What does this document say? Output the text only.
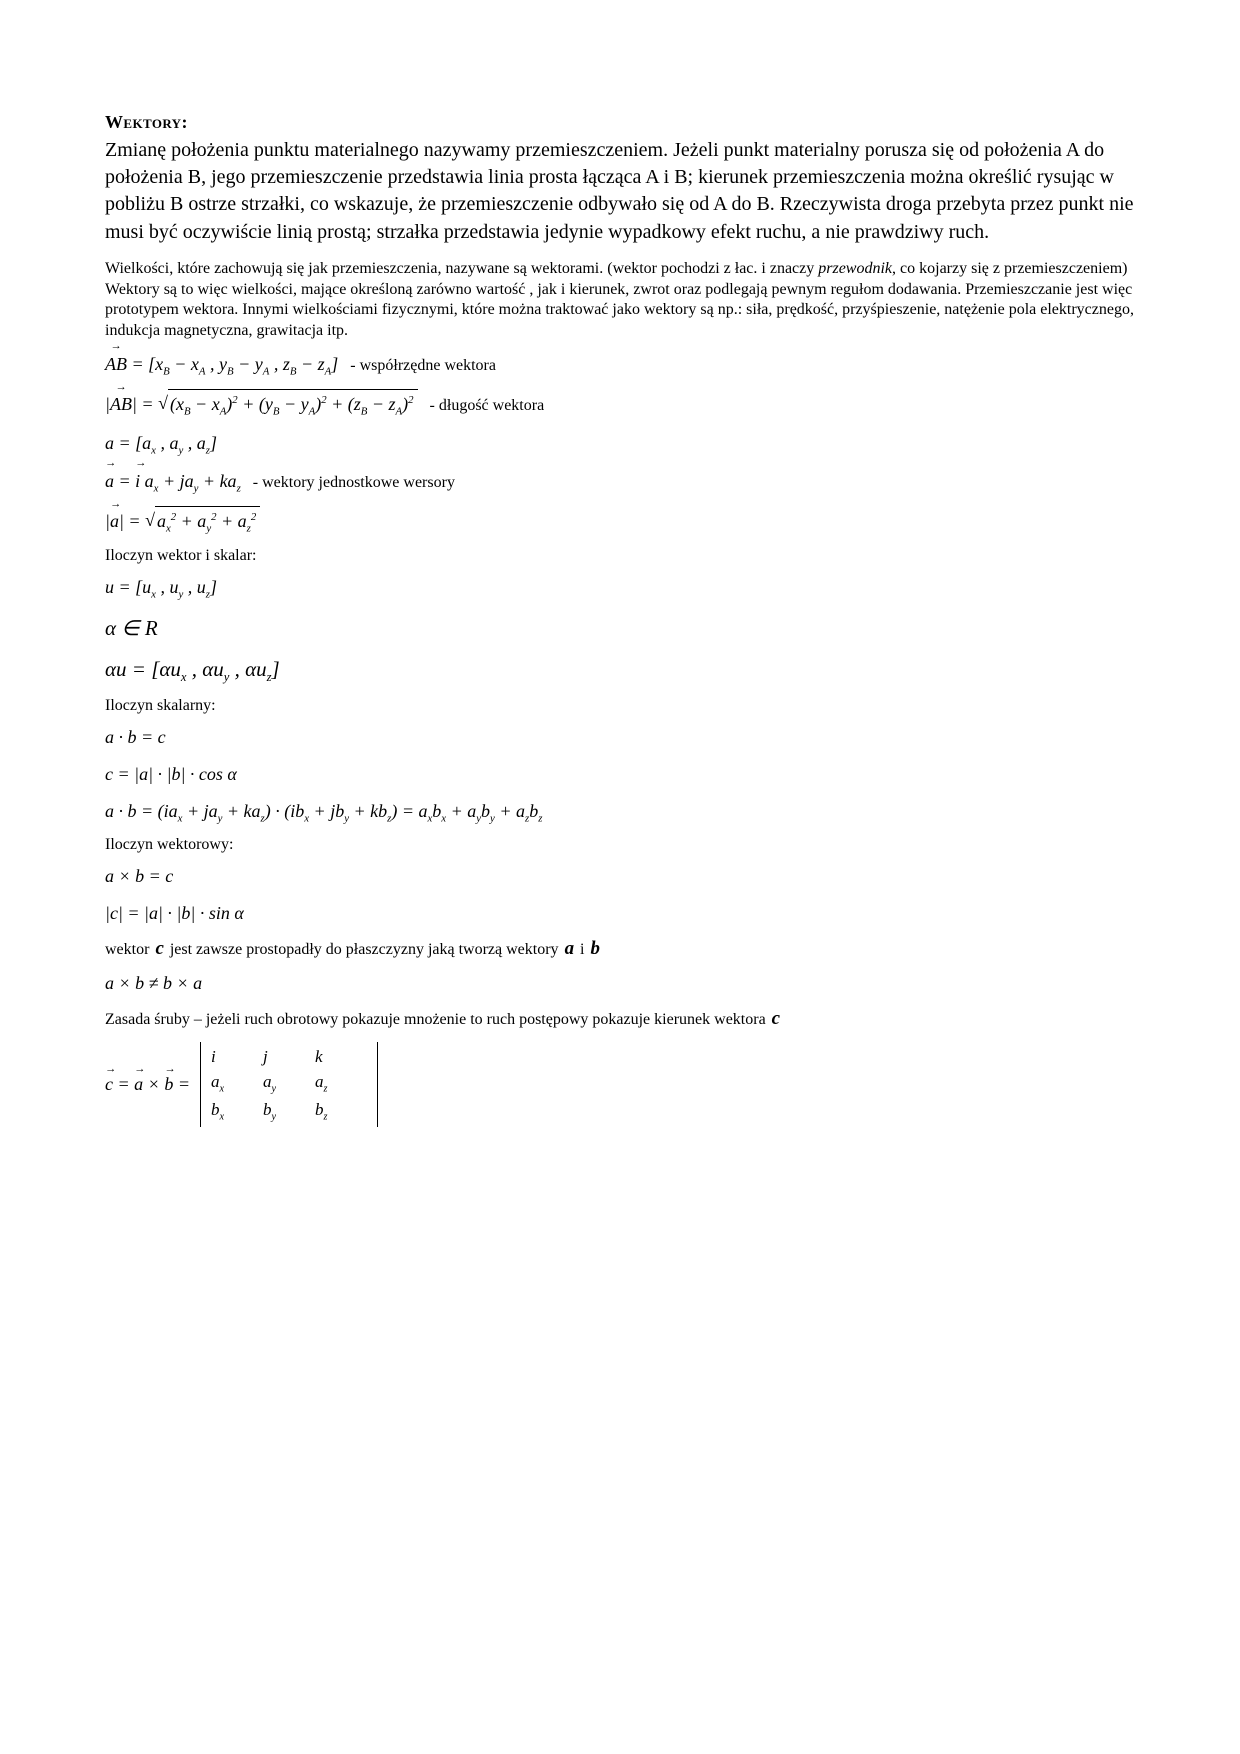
Wektory:

Zmianę położenia punktu materialnego nazywamy przemieszczeniem. Jeżeli punkt materialny porusza się od położenia A do położenia B, jego przemieszczenie przedstawia linia prosta łącząca A i B; kierunek przemieszczenia można określić rysując w pobliżu B ostrze strzałki, co wskazuje, że przemieszczenie odbywało się od A do B. Rzeczywista droga przebyta przez punkt nie musi być oczywiście linią prostą; strzałka przedstawia jedynie wypadkowy efekt ruchu, a nie prawdziwy ruch.

Wielkości, które zachowują się jak przemieszczenia, nazywane są wektorami. (wektor pochodzi z łac. i znaczy przewodnik, co kojarzy się z przemieszczeniem) Wektory są to więc wielkości, mające określoną zarówno wartość , jak i kierunek, zwrot oraz podlegają pewnym regułom dodawania. Przemieszczanie jest więc prototypem wektora. Innymi wielkościami fizycznymi, które można traktować jako wektory są np.: siła, prędkość, przyśpieszenie, natężenie pola elektrycznego, indukcja magnetyczna, grawitacja itp.

→
AB = [$x_B - x_A$ , $y_B - y_A$ , $z_B - z_A$] - współrzędne wektora
|
→
AB| = √ $(x_B - x_A)^2 + (y_B - y_A)^2 + (z_B - z_A)^2$ - długość wektora
$a = [a_x$ , $a_y$ , $a_z$]
→
a =
→
i $a_x + ja_y + ka_z$ - wektory jednostkowe wersory
|
→
a| = √ $a_x^2 + a_y^2 + a_z^2$

Iloczyn wektor i skalar:

$u = [u_x$ , $u_y$ , $u_z$]
α ∈ R
$\alpha u = [\alpha u_x$ , $\alpha u_y$ , $\alpha u_z$]

Iloczyn skalarny:

a · b = c
c = |a| · |b| · cos α
$a \cdot b = (ia_x + ja_y + ka_z) \cdot (ib_x + jb_y + kb_z) = a_xb_x + a_yb_y + a_zb_z$

Iloczyn wektorowy:

a × b = c
|c| = |a| · |b| · sin α

wektor c jest zawsze prostopadły do płaszczyzny jaką tworzą wektory a i b

a × b ≠ b × a

Zasada śruby – jeżeli ruch obrotowy pokazuje mnożenie to ruch postępowy pokazuje kierunek wektora c

→
c =
→
a ×
→
b =
i	j	k
$a_x$	$a_y$	$a_z$
$b_x$	$b_y$	$b_z$
